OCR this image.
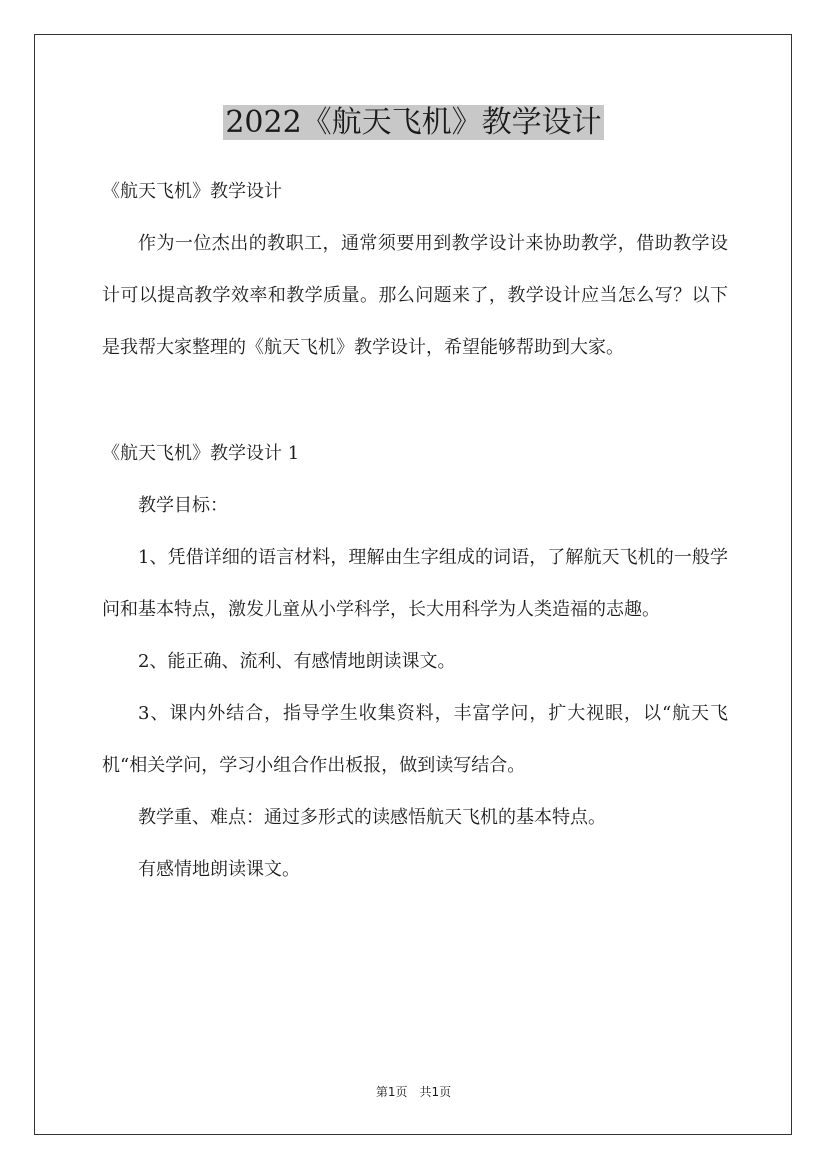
2022《航天飞机》教学设计

《航天飞机》教学设计

作为一位杰出的教职工，通常须要用到教学设计来协助教学，借助教学设计可以提高教学效率和教学质量。那么问题来了，教学设计应当怎么写？以下是我帮大家整理的《航天飞机》教学设计，希望能够帮助到大家。

《航天飞机》教学设计 1

教学目标：

1、凭借详细的语言材料，理解由生字组成的词语，了解航天飞机的一般学问和基本特点，激发儿童从小学科学，长大用科学为人类造福的志趣。

2、能正确、流利、有感情地朗读课文。

3、课内外结合，指导学生收集资料，丰富学问，扩大视眼，以“航天飞机“相关学问，学习小组合作出板报，做到读写结合。

教学重、难点：通过多形式的读感悟航天飞机的基本特点。

有感情地朗读课文。

第1页 共1页
